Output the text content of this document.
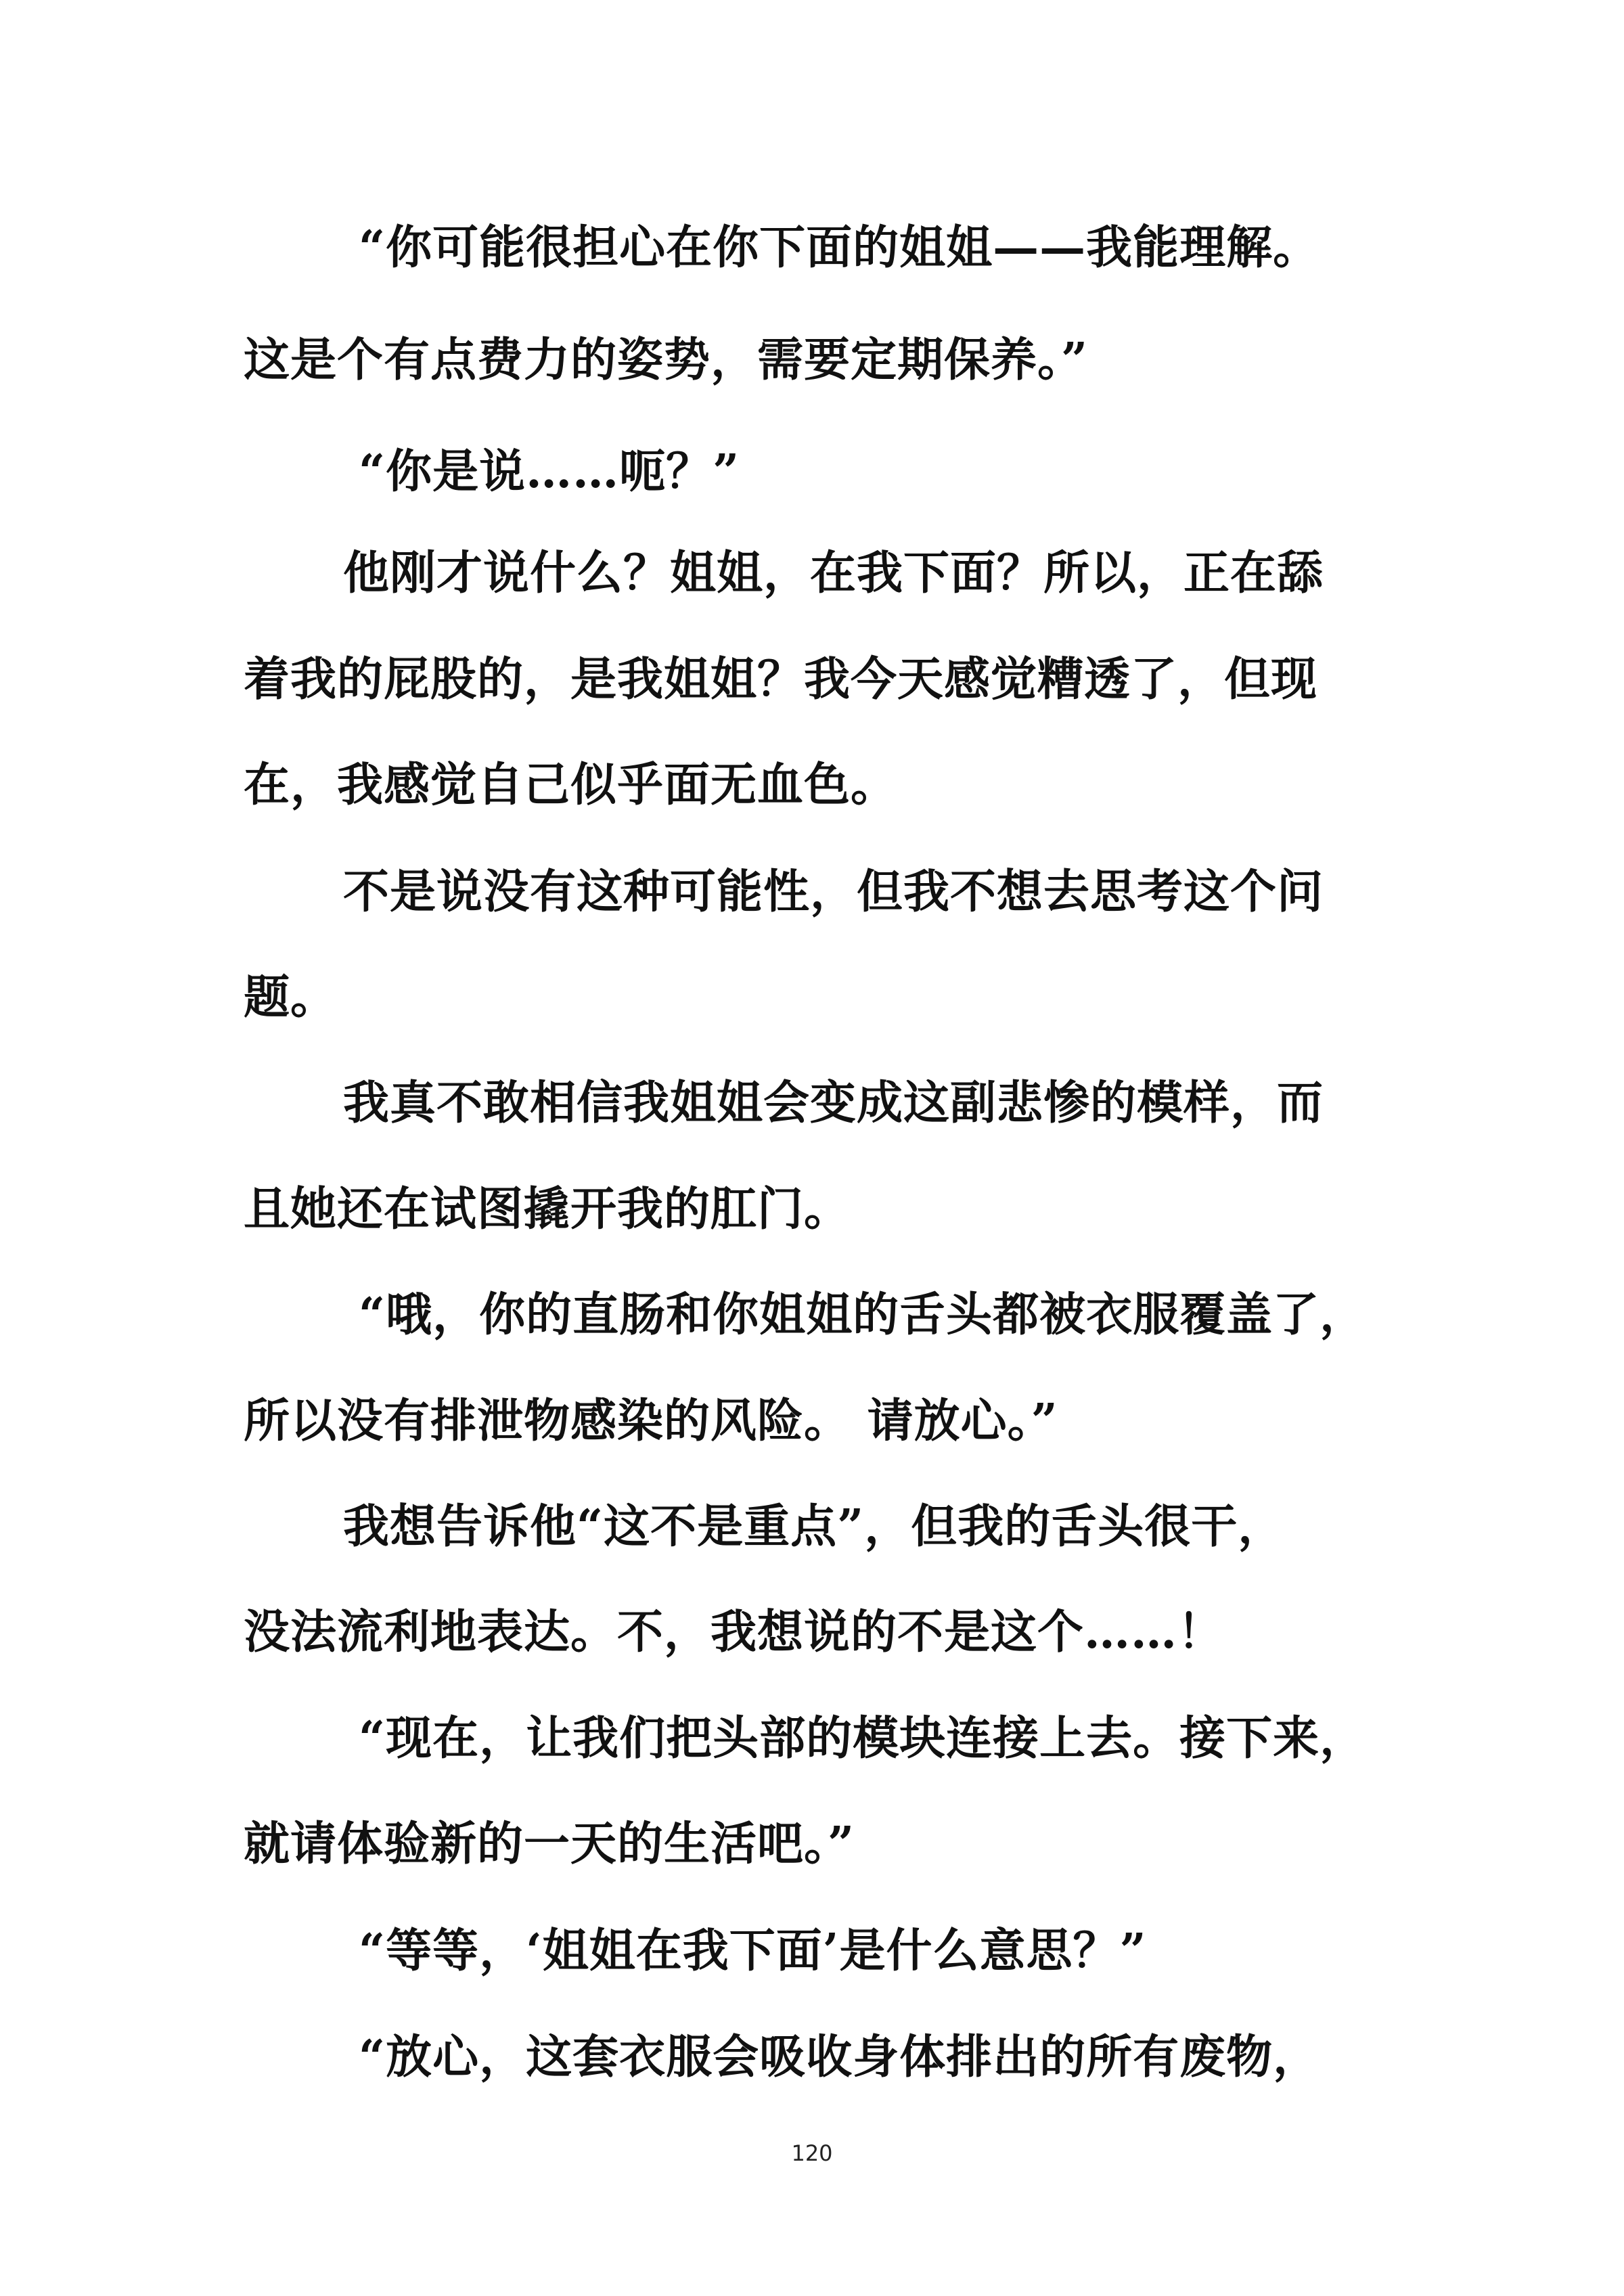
“你可能很担心在你下面的姐姐——我能理解。
这是个有点费力的姿势，需要定期保养。”
“你是说……呃？”
他刚才说什么？姐姐，在我下面？所以，正在舔
着我的屁股的，是我姐姐？我今天感觉糟透了，但现
在，我感觉自己似乎面无血色。
不是说没有这种可能性，但我不想去思考这个问
题。
我真不敢相信我姐姐会变成这副悲惨的模样，而
且她还在试图撬开我的肛门。
“哦，你的直肠和你姐姐的舌头都被衣服覆盖了，
所以没有排泄物感染的风险。 请放心。”
我想告诉他“这不是重点”，但我的舌头很干，
没法流利地表达。不，我想说的不是这个……！
“现在，让我们把头部的模块连接上去。接下来，
就请体验新的一天的生活吧。”
“等等，‘姐姐在我下面’是什么意思？”
“放心，这套衣服会吸收身体排出的所有废物，
120
